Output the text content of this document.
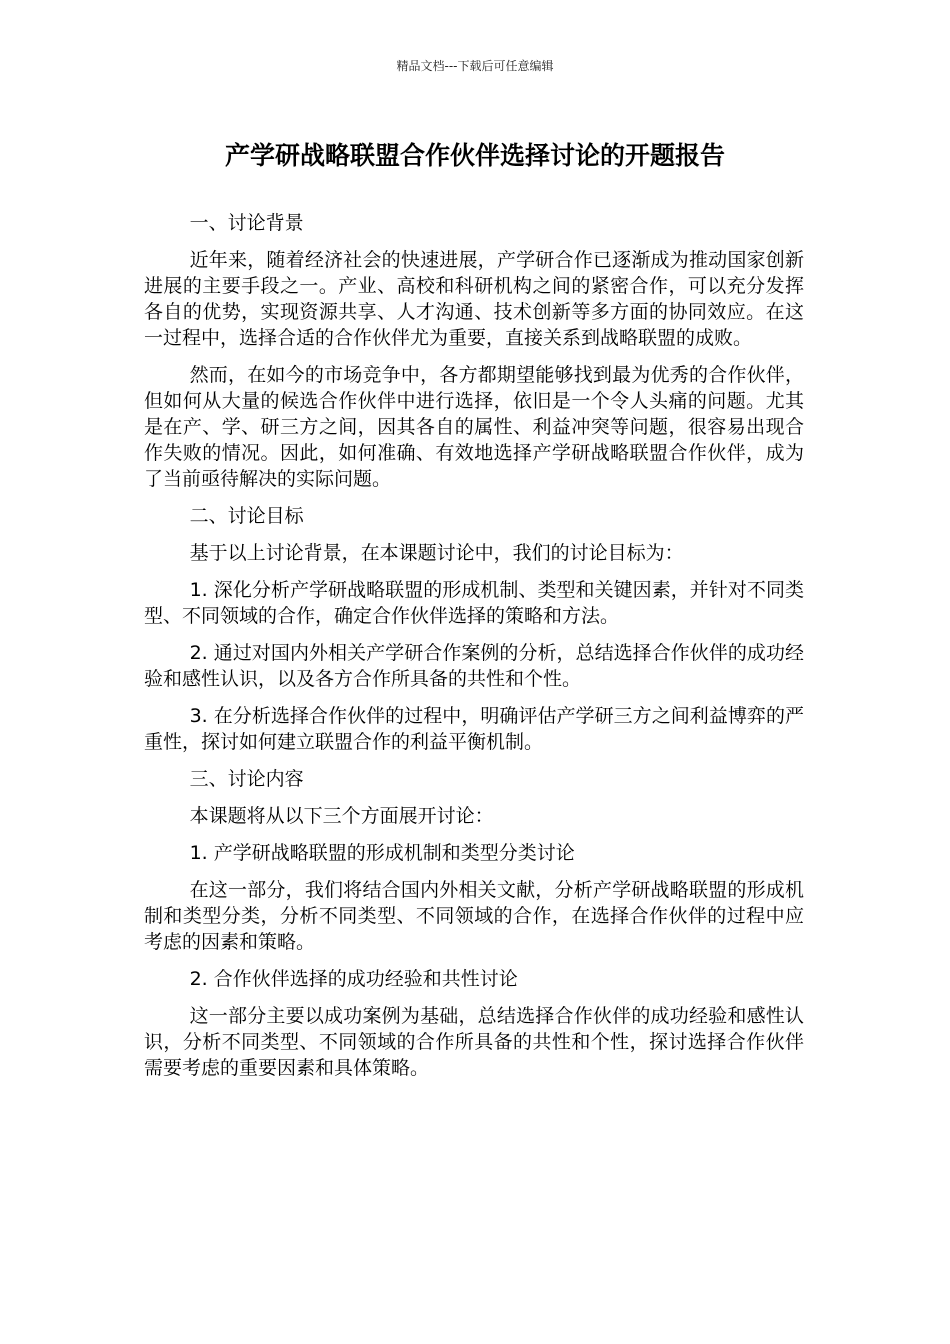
精品文档---下载后可任意编辑
产学研战略联盟合作伙伴选择讨论的开题报告

一、讨论背景

近年来，随着经济社会的快速进展，产学研合作已逐渐成为推动国家创新进展的主要手段之一。产业、高校和科研机构之间的紧密合作，可以充分发挥各自的优势，实现资源共享、人才沟通、技术创新等多方面的协同效应。在这一过程中，选择合适的合作伙伴尤为重要，直接关系到战略联盟的成败。

然而，在如今的市场竞争中，各方都期望能够找到最为优秀的合作伙伴，但如何从大量的候选合作伙伴中进行选择，依旧是一个令人头痛的问题。尤其是在产、学、研三方之间，因其各自的属性、利益冲突等问题，很容易出现合作失败的情况。因此，如何准确、有效地选择产学研战略联盟合作伙伴，成为了当前亟待解决的实际问题。

二、讨论目标

基于以上讨论背景，在本课题讨论中，我们的讨论目标为：

1. 深化分析产学研战略联盟的形成机制、类型和关键因素，并针对不同类型、不同领域的合作，确定合作伙伴选择的策略和方法。

2. 通过对国内外相关产学研合作案例的分析，总结选择合作伙伴的成功经验和感性认识，以及各方合作所具备的共性和个性。

3. 在分析选择合作伙伴的过程中，明确评估产学研三方之间利益博弈的严重性，探讨如何建立联盟合作的利益平衡机制。

三、讨论内容

本课题将从以下三个方面展开讨论：

1. 产学研战略联盟的形成机制和类型分类讨论

在这一部分，我们将结合国内外相关文献，分析产学研战略联盟的形成机制和类型分类，分析不同类型、不同领域的合作，在选择合作伙伴的过程中应考虑的因素和策略。

2. 合作伙伴选择的成功经验和共性讨论

这一部分主要以成功案例为基础，总结选择合作伙伴的成功经验和感性认识，分析不同类型、不同领域的合作所具备的共性和个性，探讨选择合作伙伴需要考虑的重要因素和具体策略。
